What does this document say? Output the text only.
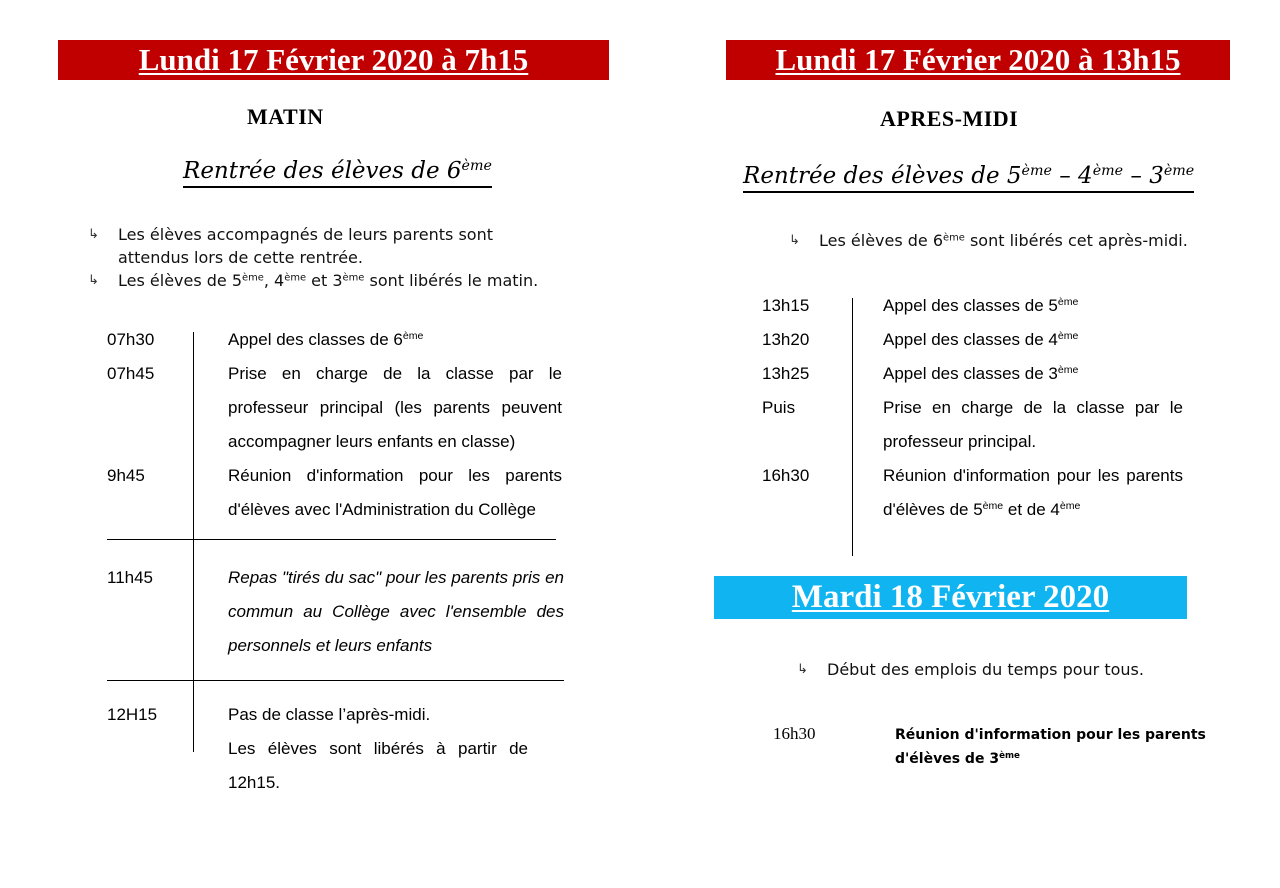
Lundi 17 Février 2020 à 7h15
MATIN
Rentrée des élèves de 6ème
↳ Les élèves accompagnés de leurs parents sont
attendus lors de cette rentrée.
↳ Les élèves de 5ème, 4ème et 3ème sont libérés le matin.
07h30	Appel des classes de 6ème
07h45	Prise en charge de la classe par le professeur principal (les parents peuvent accompagner leurs enfants en classe)
9h45	Réunion d'information pour les parents d'élèves avec l'Administration du Collège
11h45	Repas "tirés du sac" pour les parents pris en commun au Collège avec l'ensemble des personnels et leurs enfants
12H15	Pas de classe l’après-midi.
Les élèves sont libérés à partir de 12h15.
Lundi 17 Février 2020 à 13h15
APRES-MIDI
Rentrée des élèves de 5ème – 4ème – 3ème
↳ Les élèves de 6ème sont libérés cet après-midi.
13h15	Appel des classes de 5ème
13h20	Appel des classes de 4ème
13h25	Appel des classes de 3ème
Puis	Prise en charge de la classe par le professeur principal.
16h30	Réunion d'information pour les parents d'élèves de 5ème et de 4ème
Mardi 18 Février 2020
↳ Début des emplois du temps pour tous.
16h30	Réunion d'information pour les parents
d'élèves de 3ème
